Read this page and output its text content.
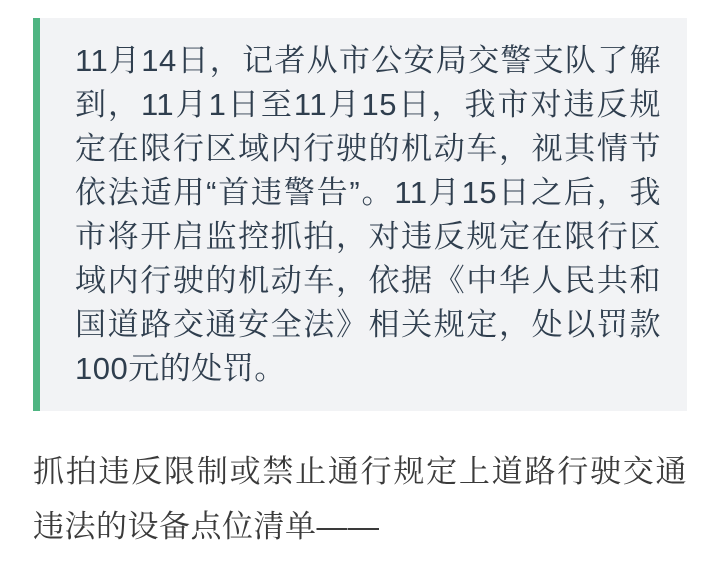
11月14日，记者从市公安局交警支队了解到，11月1日至11月15日，我市对违反规定在限行区域内行驶的机动车，视其情节依法适用“首违警告”。11月15日之后，我市将开启监控抓拍，对违反规定在限行区域内行驶的机动车，依据《中华人民共和国道路交通安全法》相关规定，处以罚款100元的处罚。

抓拍违反限制或禁止通行规定上道路行驶交通违法的设备点位清单——
